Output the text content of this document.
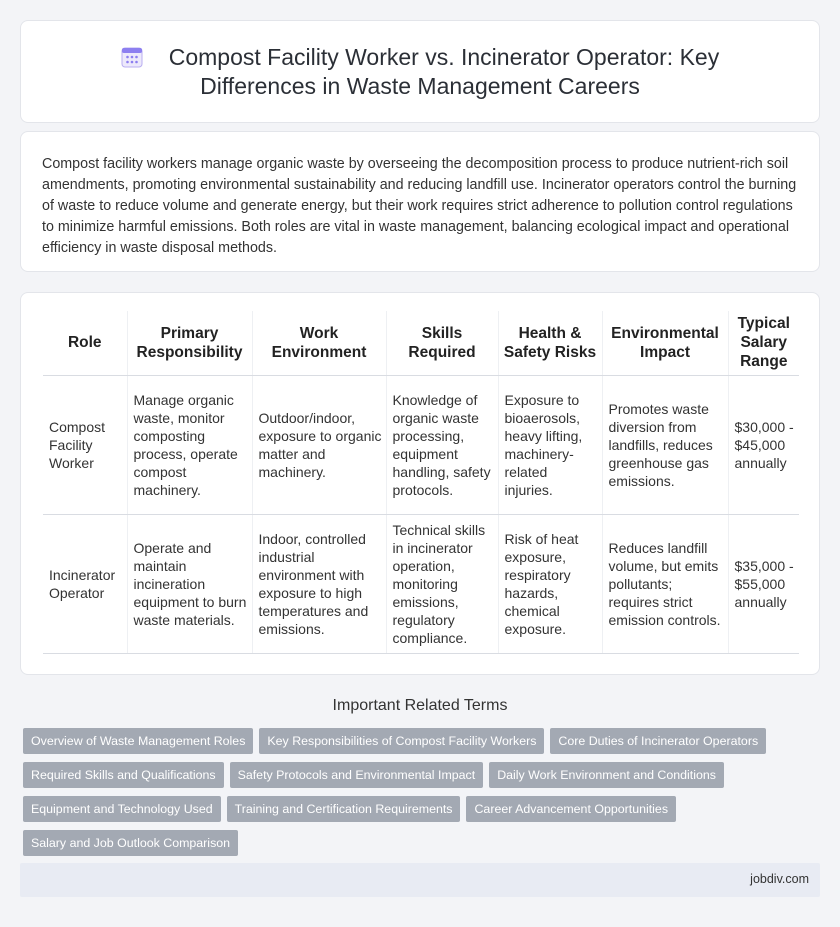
Compost Facility Worker vs. Incinerator Operator: Key Differences in Waste Management Careers

Compost facility workers manage organic waste by overseeing the decomposition process to produce nutrient-rich soil amendments, promoting environmental sustainability and reducing landfill use. Incinerator operators control the burning of waste to reduce volume and generate energy, but their work requires strict adherence to pollution control regulations to minimize harmful emissions. Both roles are vital in waste management, balancing ecological impact and operational efficiency in waste disposal methods.

Role	Primary Responsibility	Work Environment	Skills Required	Health & Safety Risks	Environmental Impact	Typical Salary Range
Compost Facility Worker	Manage organic waste, monitor composting process, operate compost machinery.	Outdoor/indoor, exposure to organic matter and machinery.	Knowledge of organic waste processing, equipment handling, safety protocols.	Exposure to bioaerosols, heavy lifting, machinery-related injuries.	Promotes waste diversion from landfills, reduces greenhouse gas emissions.	$30,000 - $45,000 annually
Incinerator Operator	Operate and maintain incineration equipment to burn waste materials.	Indoor, controlled industrial environment with exposure to high temperatures and emissions.	Technical skills in incinerator operation, monitoring emissions, regulatory compliance.	Risk of heat exposure, respiratory hazards, chemical exposure.	Reduces landfill volume, but emits pollutants; requires strict emission controls.	$35,000 - $55,000 annually
Important Related Terms
Overview of Waste Management Roles	Key Responsibilities of Compost Facility Workers	Core Duties of Incinerator Operators
Required Skills and Qualifications	Safety Protocols and Environmental Impact	Daily Work Environment and Conditions
Equipment and Technology Used	Training and Certification Requirements	Career Advancement Opportunities
Salary and Job Outlook Comparison
jobdiv.com
